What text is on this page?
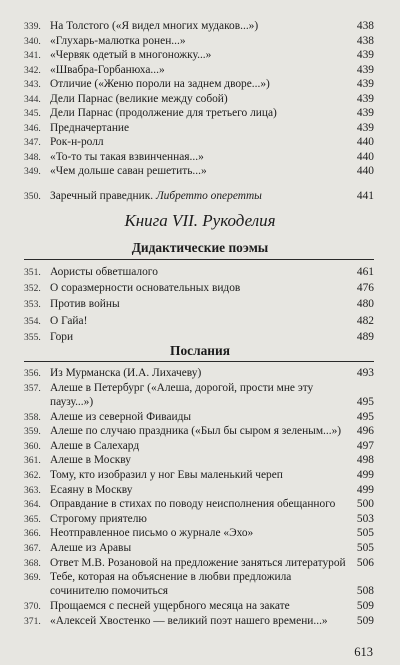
339. На Толстого («Я видел многих мудаков...»)	438
340. «Глухарь-малютка ронен...»	438
341. «Червяк одетый в многоножку...»	439
342. «Швабра-Горбанюха...»	439
343. Отличие («Женю пороли на заднем дворе...»)	439
344. Дели Парнас (великие между собой)	439
345. Дели Парнас (продолжение для третьего лица)	439
346. Предначертание	439
347. Рок-н-ролл	440
348. «То-то ты такая взвинченная...»	440
349. «Чем дольше саван решетить...»	440
350. Заречный праведник. Либретто оперетты	441
Книга VII. Рукоделия
Дидактические поэмы
351. Аористы обветшалого	461
352. О соразмерности основательных видов	476
353. Против войны	480
354. О Гайа!	482
355. Гори	489
Послания
356. Из Мурманска (И.А. Лихачеву)	493
357. Алеше в Петербург («Алеша, дорогой, прости мне эту паузу...»)	495
358. Алеше из северной Фиваиды	495
359. Алеше по случаю праздника («Был бы сыром я зеленым...»)	496
360. Алеше в Салехард	497
361. Алеше в Москву	498
362. Тому, кто изобразил у ног Евы маленький череп	499
363. Есаяну в Москву	499
364. Оправдание в стихах по поводу неисполнения обещанного	500
365. Строгому приятелю	503
366. Неотправленное письмо о журнале «Эхо»	505
367. Алеше из Аравы	505
368. Ответ М.В. Розановой на предложение заняться литературой 506
369. Тебе, которая на объяснение в любви предложила сочинителю помочиться	508
370. Прощаемся с песней ущербного месяца на закате	509
371. «Алексей Хвостенко — великий поэт нашего времени...»	509
613
